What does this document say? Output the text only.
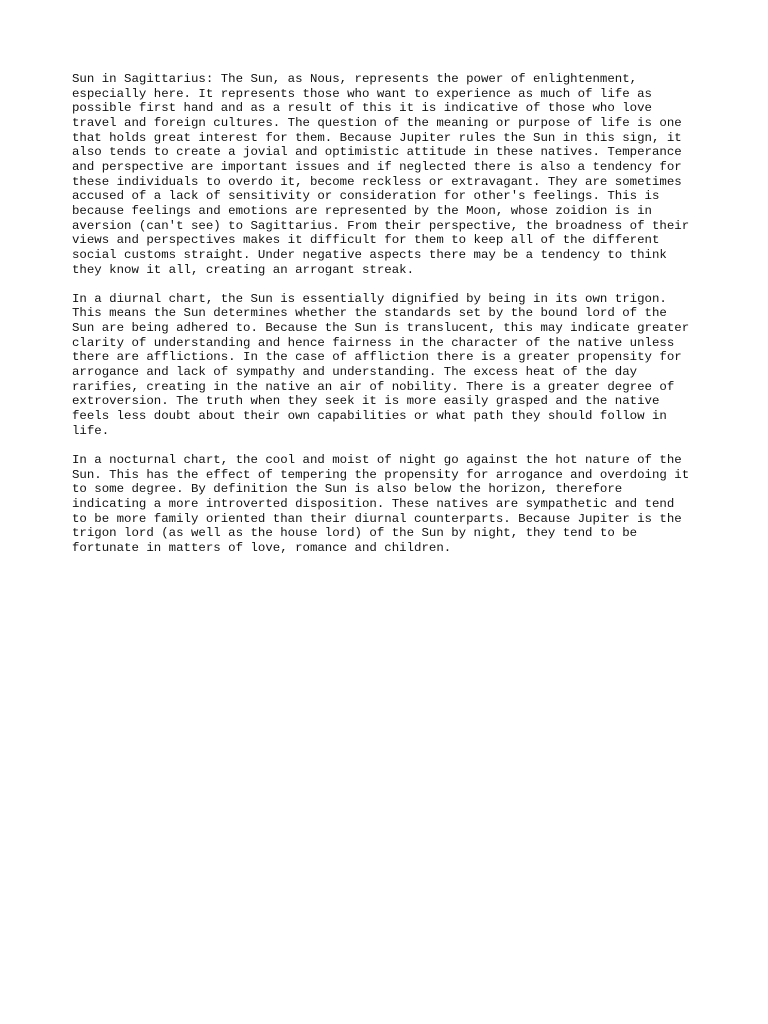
Sun in Sagittarius: The Sun, as Nous, represents the power of enlightenment,
especially here. It represents those who want to experience as much of life as
possible first hand and as a result of this it is indicative of those who love
travel and foreign cultures. The question of the meaning or purpose of life is one
that holds great interest for them. Because Jupiter rules the Sun in this sign, it
also tends to create a jovial and optimistic attitude in these natives. Temperance
and perspective are important issues and if neglected there is also a tendency for
these individuals to overdo it, become reckless or extravagant. They are sometimes
accused of a lack of sensitivity or consideration for other's feelings. This is
because feelings and emotions are represented by the Moon, whose zoidion is in
aversion (can't see) to Sagittarius. From their perspective, the broadness of their
views and perspectives makes it difficult for them to keep all of the different
social customs straight. Under negative aspects there may be a tendency to think
they know it all, creating an arrogant streak.

In a diurnal chart, the Sun is essentially dignified by being in its own trigon.
This means the Sun determines whether the standards set by the bound lord of the
Sun are being adhered to. Because the Sun is translucent, this may indicate greater
clarity of understanding and hence fairness in the character of the native unless
there are afflictions. In the case of affliction there is a greater propensity for
arrogance and lack of sympathy and understanding. The excess heat of the day
rarifies, creating in the native an air of nobility. There is a greater degree of
extroversion. The truth when they seek it is more easily grasped and the native
feels less doubt about their own capabilities or what path they should follow in
life.

In a nocturnal chart, the cool and moist of night go against the hot nature of the
Sun. This has the effect of tempering the propensity for arrogance and overdoing it
to some degree. By definition the Sun is also below the horizon, therefore
indicating a more introverted disposition. These natives are sympathetic and tend
to be more family oriented than their diurnal counterparts. Because Jupiter is the
trigon lord (as well as the house lord) of the Sun by night, they tend to be
fortunate in matters of love, romance and children.
